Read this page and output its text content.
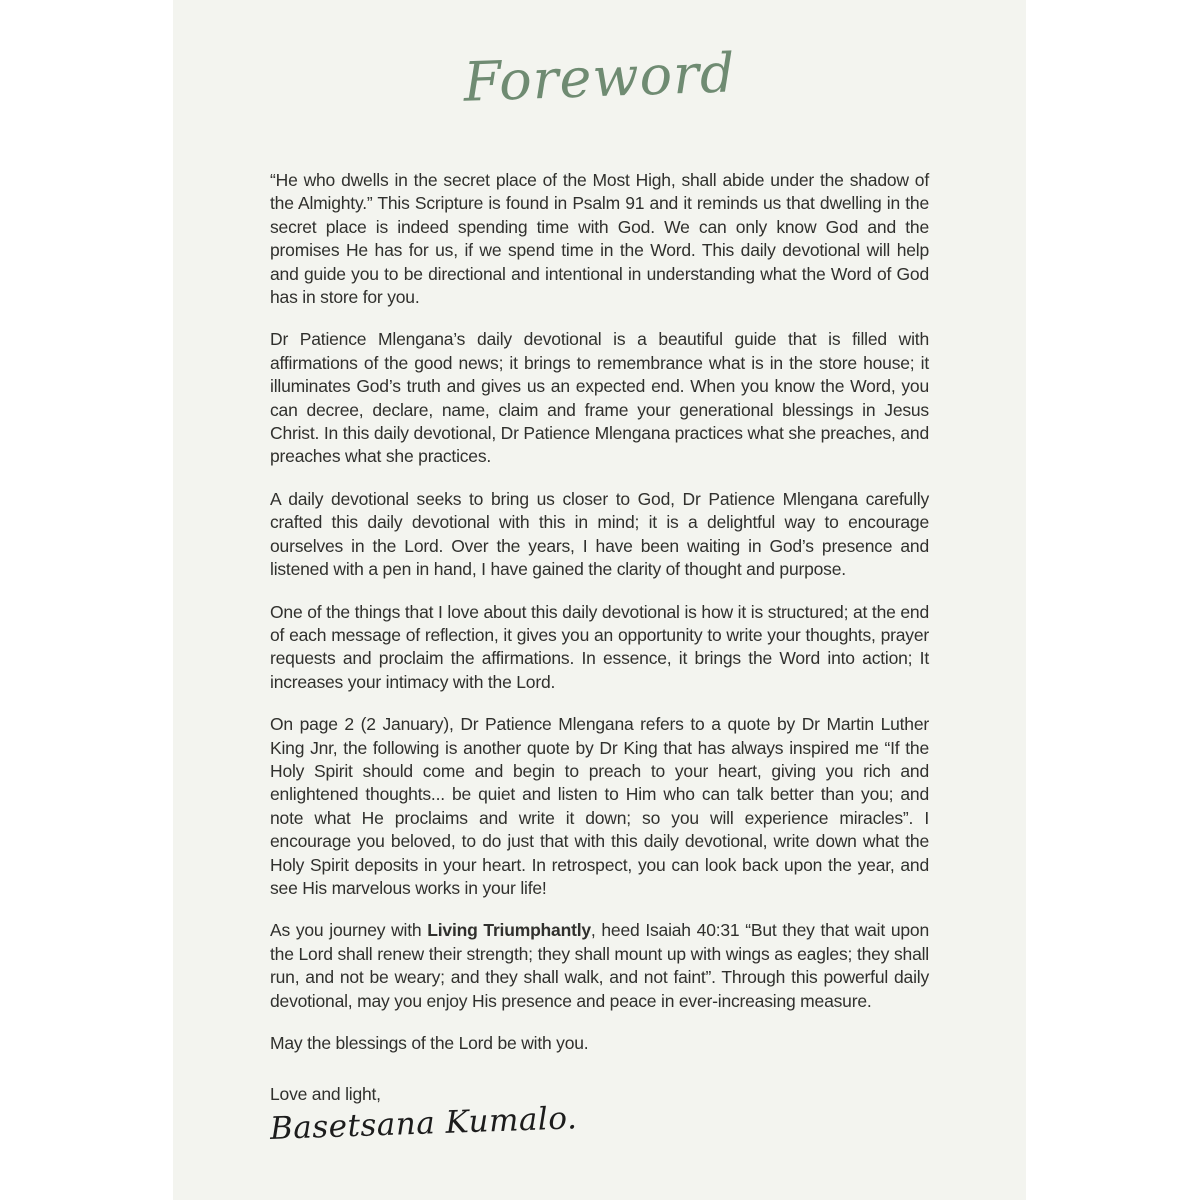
Foreword

“He who dwells in the secret place of the Most High, shall abide under the shadow of the Almighty.” This Scripture is found in Psalm 91 and it reminds us that dwelling in the secret place is indeed spending time with God. We can only know God and the promises He has for us, if we spend time in the Word. This daily devotional will help and guide you to be directional and intentional in understanding what the Word of God has in store for you.

Dr Patience Mlengana’s daily devotional is a beautiful guide that is filled with affirmations of the good news; it brings to remembrance what is in the store house; it illuminates God’s truth and gives us an expected end. When you know the Word, you can decree, declare, name, claim and frame your generational blessings in Jesus Christ. In this daily devotional, Dr Patience Mlengana practices what she preaches, and preaches what she practices.

A daily devotional seeks to bring us closer to God, Dr Patience Mlengana carefully crafted this daily devotional with this in mind; it is a delightful way to encourage ourselves in the Lord. Over the years, I have been waiting in God’s presence and listened with a pen in hand, I have gained the clarity of thought and purpose.

One of the things that I love about this daily devotional is how it is structured; at the end of each message of reflection, it gives you an opportunity to write your thoughts, prayer requests and proclaim the affirmations. In essence, it brings the Word into action; It increases your intimacy with the Lord.

On page 2 (2 January), Dr Patience Mlengana refers to a quote by Dr Martin Luther King Jnr, the following is another quote by Dr King that has always inspired me “If the Holy Spirit should come and begin to preach to your heart, giving you rich and enlightened thoughts... be quiet and listen to Him who can talk better than you; and note what He proclaims and write it down; so you will experience miracles”. I encourage you beloved, to do just that with this daily devotional, write down what the Holy Spirit deposits in your heart. In retrospect, you can look back upon the year, and see His marvelous works in your life!

As you journey with Living Triumphantly, heed Isaiah 40:31 “But they that wait upon the Lord shall renew their strength; they shall mount up with wings as eagles; they shall run, and not be weary; and they shall walk, and not faint”. Through this powerful daily devotional, may you enjoy His presence and peace in ever-increasing measure.

May the blessings of the Lord be with you.

Love and light,

Basetsana Kumalo.
